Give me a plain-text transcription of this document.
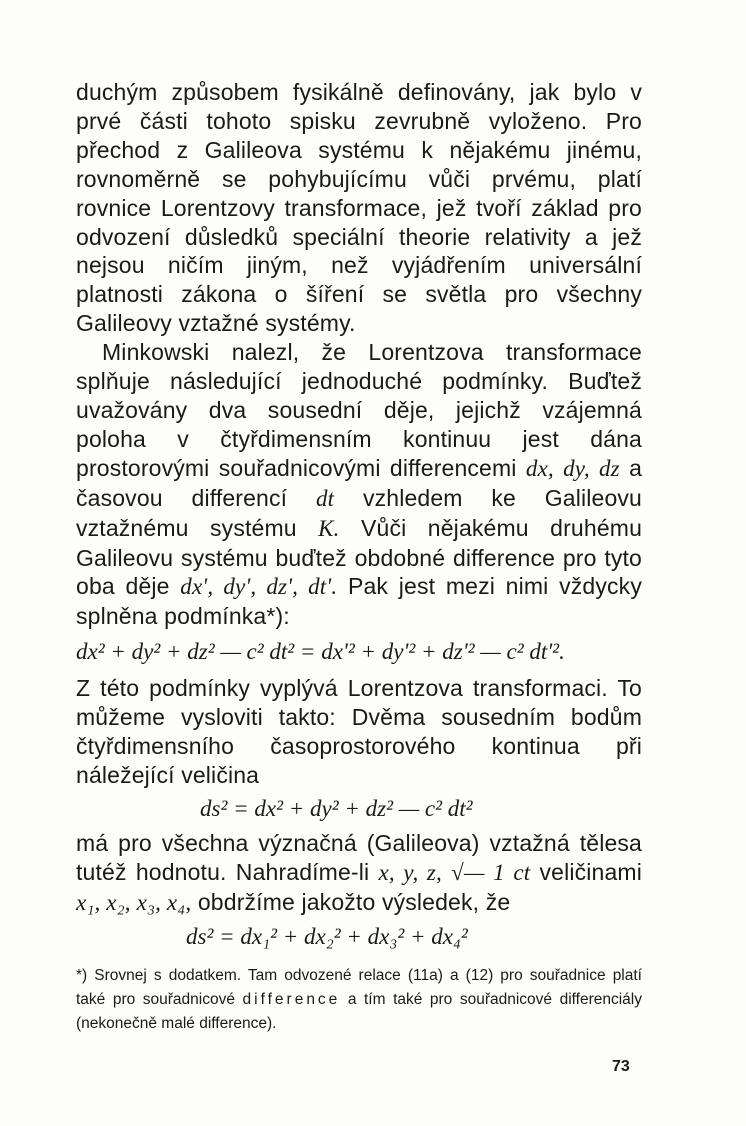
duchým způsobem fysikálně definovány, jak bylo v prvé části tohoto spisku zevrubně vyloženo. Pro přechod z Galileova systému k nějakému jinému, rovnoměrně se pohybujícímu vůči prvému, platí rovnice Lorentzovy transformace, jež tvoří základ pro odvození důsledků speciální theorie relativity a jež nejsou ničím jiným, než vyjádřením universální platnosti zákona o šíření se světla pro všechny Galileovy vztažné systémy.

Minkowski nalezl, že Lorentzova transformace splňuje následující jednoduché podmínky. Buďtež uvažovány dva sousední děje, jejichž vzájemná poloha v čtyřdimensním kontinuu jest dána prostorovými souřadnicovými differencemi dx, dy, dz a časovou differencí dt vzhledem ke Galileovu vztažnému systému K. Vůči nějakému druhému Galileovu systému buďtež obdobné difference pro tyto oba děje dx', dy', dz', dt'. Pak jest mezi nimi vždycky splněna podmínka*):

dx² + dy² + dz² — c² dt² = dx'² + dy'² + dz'² — c² dt'².

Z této podmínky vyplývá Lorentzova transformaci. To můžeme vysloviti takto: Dvěma sousedním bodům čtyřdimensního časoprostorového kontinua při náležející veličina

ds² = dx² + dy² + dz² — c² dt²

má pro všechna význačná (Galileova) vztažná tělesa tutéž hodnotu. Nahradíme-li x, y, z, √— 1 ct veličinami x₁, x₂, x₃, x₄, obdržíme jakožto výsledek, že

ds² = dx₁² + dx₂² + dx₃² + dx₄²

*) Srovnej s dodatkem. Tam odvozené relace (11a) a (12) pro souřadnice platí také pro souřadnicové difference a tím také pro souřadnicové differenciály (nekonečně malé difference).

73
